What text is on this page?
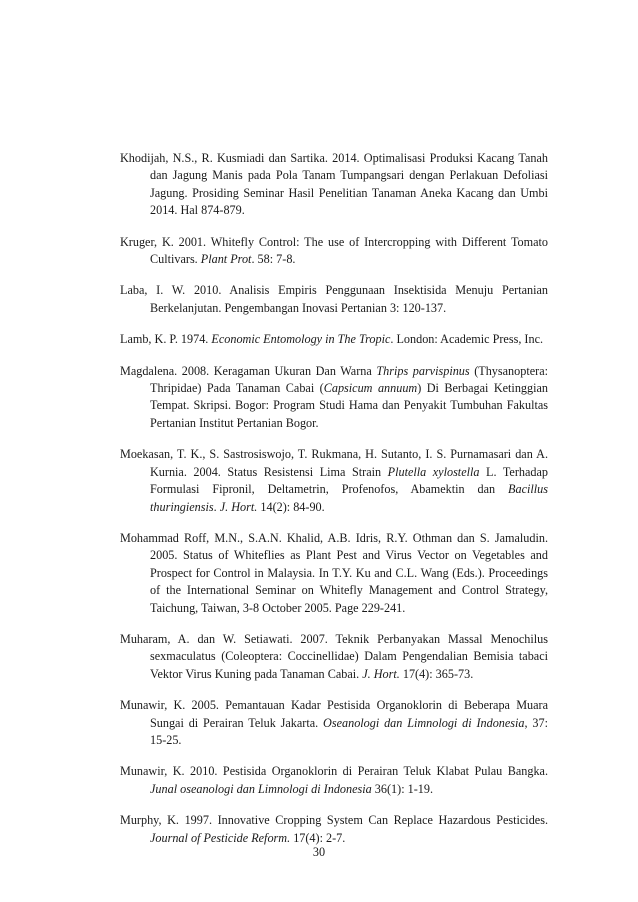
Khodijah, N.S., R. Kusmiadi dan Sartika. 2014. Optimalisasi Produksi Kacang Tanah dan Jagung Manis pada Pola Tanam Tumpangsari dengan Perlakuan Defoliasi Jagung. Prosiding Seminar Hasil Penelitian Tanaman Aneka Kacang dan Umbi 2014. Hal 874-879.

Kruger, K. 2001. Whitefly Control: The use of Intercropping with Different Tomato Cultivars. Plant Prot. 58: 7-8.

Laba, I. W. 2010. Analisis Empiris Penggunaan Insektisida Menuju Pertanian Berkelanjutan. Pengembangan Inovasi Pertanian 3: 120-137.

Lamb, K. P. 1974. Economic Entomology in The Tropic. London: Academic Press, Inc.

Magdalena. 2008. Keragaman Ukuran Dan Warna Thrips parvispinus (Thysanoptera: Thripidae) Pada Tanaman Cabai (Capsicum annuum) Di Berbagai Ketinggian Tempat. Skripsi. Bogor: Program Studi Hama dan Penyakit Tumbuhan Fakultas Pertanian Institut Pertanian Bogor.

Moekasan, T. K., S. Sastrosiswojo, T. Rukmana, H. Sutanto, I. S. Purnamasari dan A. Kurnia. 2004. Status Resistensi Lima Strain Plutella xylostella L. Terhadap Formulasi Fipronil, Deltametrin, Profenofos, Abamektin dan Bacillus thuringiensis. J. Hort. 14(2): 84-90.

Mohammad Roff, M.N., S.A.N. Khalid, A.B. Idris, R.Y. Othman dan S. Jamaludin. 2005. Status of Whiteflies as Plant Pest and Virus Vector on Vegetables and Prospect for Control in Malaysia. In T.Y. Ku and C.L. Wang (Eds.). Proceedings of the International Seminar on Whitefly Management and Control Strategy, Taichung, Taiwan, 3-8 October 2005. Page 229-241.

Muharam, A. dan W. Setiawati. 2007. Teknik Perbanyakan Massal Menochilus sexmaculatus (Coleoptera: Coccinellidae) Dalam Pengendalian Bemisia tabaci Vektor Virus Kuning pada Tanaman Cabai. J. Hort. 17(4): 365-73.

Munawir, K. 2005. Pemantauan Kadar Pestisida Organoklorin di Beberapa Muara Sungai di Perairan Teluk Jakarta. Oseanologi dan Limnologi di Indonesia, 37: 15-25.

Munawir, K. 2010. Pestisida Organoklorin di Perairan Teluk Klabat Pulau Bangka. Junal oseanologi dan Limnologi di Indonesia 36(1): 1-19.

Murphy, K. 1997. Innovative Cropping System Can Replace Hazardous Pesticides. Journal of Pesticide Reform. 17(4): 2-7.

30
